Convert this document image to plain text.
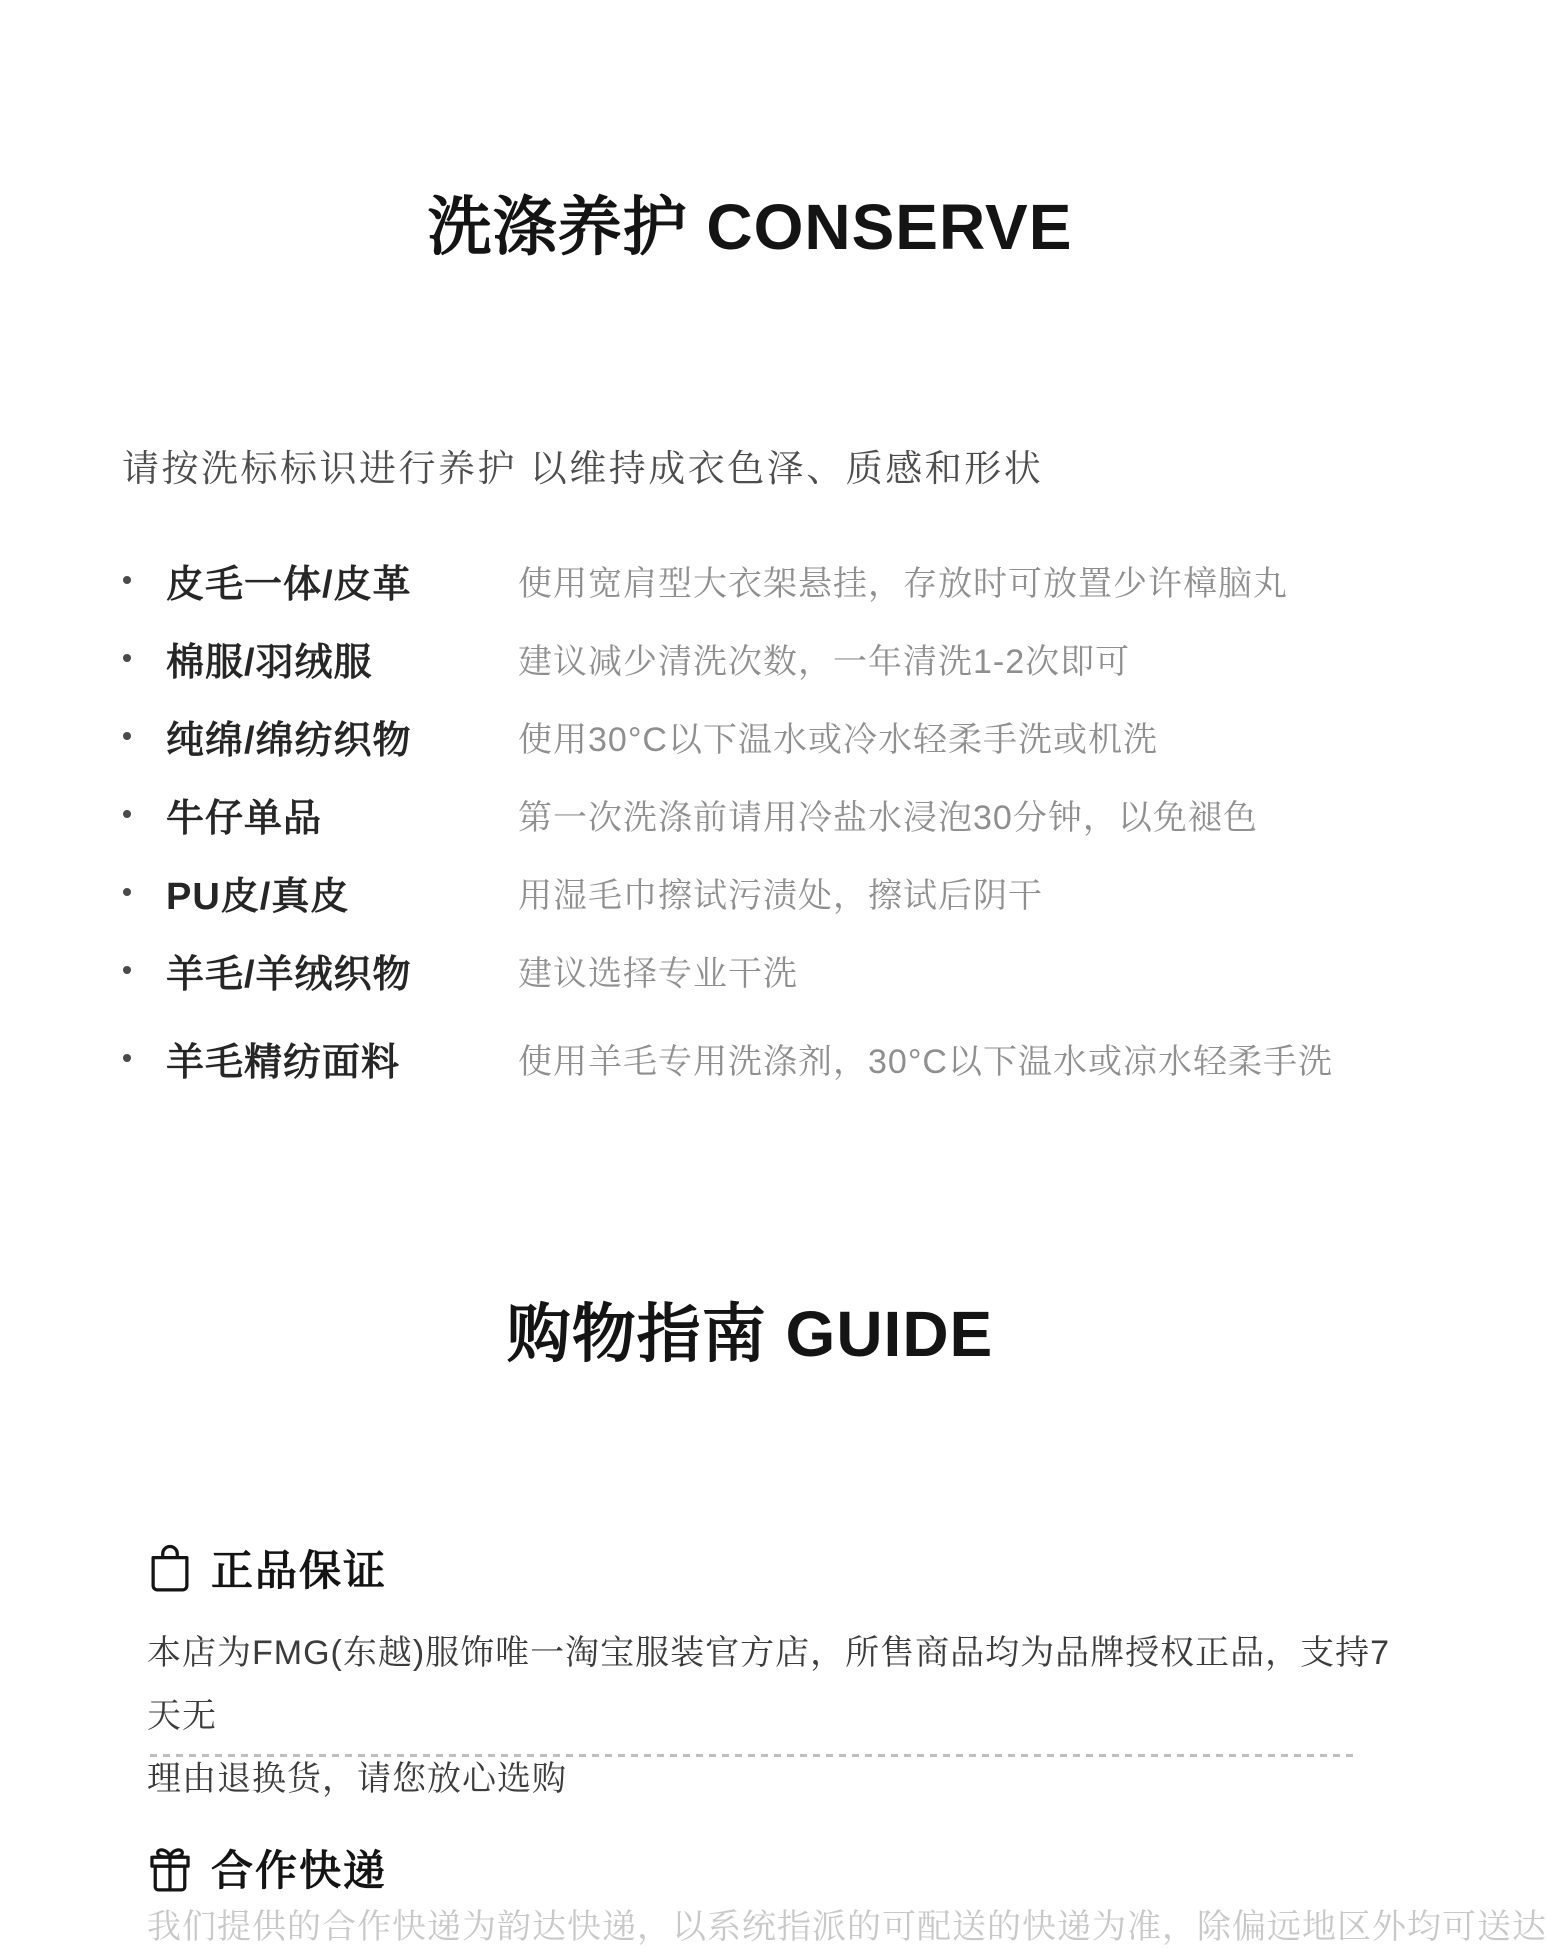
洗涤养护 CONSERVE
请按洗标标识进行养护 以维持成衣色泽、质感和形状
皮毛一体/皮革	使用宽肩型大衣架悬挂，存放时可放置少许樟脑丸
棉服/羽绒服	建议减少清洗次数，一年清洗1-2次即可
纯绵/绵纺织物	使用30°C以下温水或冷水轻柔手洗或机洗
牛仔单品	第一次洗涤前请用冷盐水浸泡30分钟，以免褪色
PU皮/真皮	用湿毛巾擦试污渍处，擦试后阴干
羊毛/羊绒织物	建议选择专业干洗
羊毛精纺面料	使用羊毛专用洗涤剂，30°C以下温水或凉水轻柔手洗
购物指南 GUIDE
正品保证
本店为FMG(东越)服饰唯一淘宝服装官方店，所售商品均为品牌授权正品，支持7天无
理由退换货，请您放心选购
合作快递
我们提供的合作快递为韵达快递，以系统指派的可配送的快递为准，除偏远地区外均可送达
